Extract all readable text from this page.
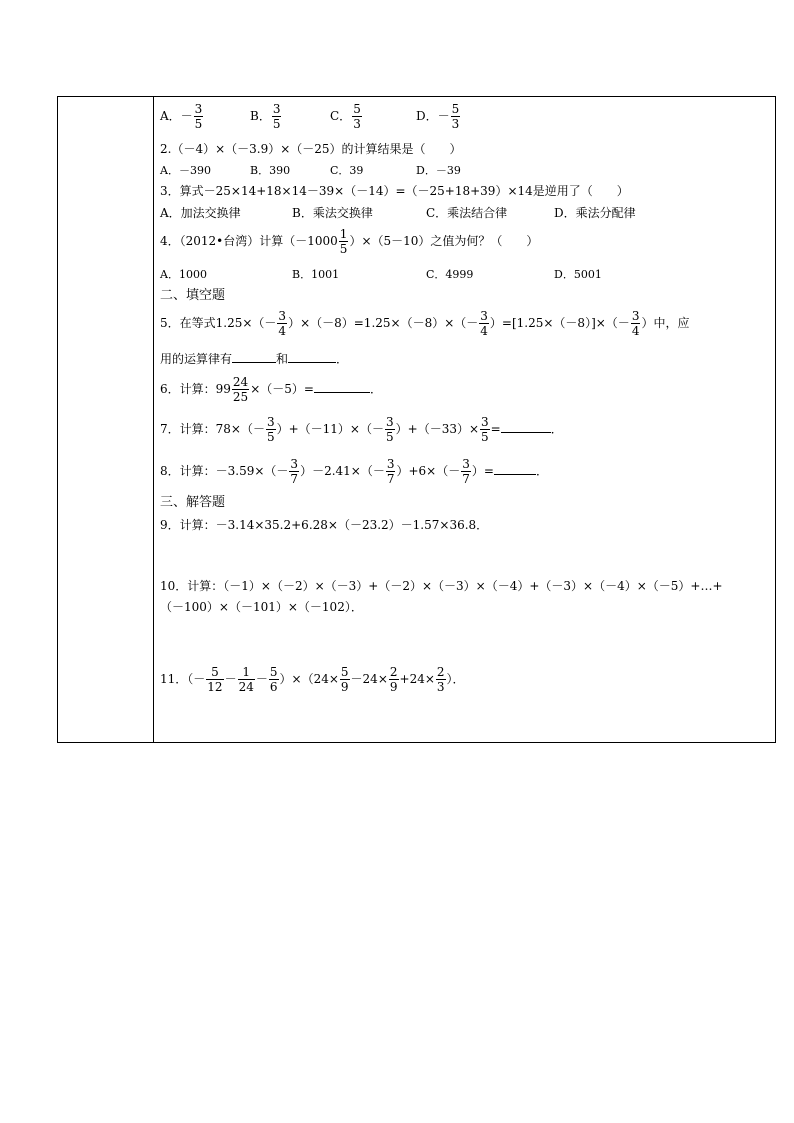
A．－ $\frac{3}{5}$	B． $\frac{3}{5}$	C． $\frac{5}{3}$	D．－ $\frac{5}{3}$
2.（－4）×（－3.9）×（－25）的计算结果是（　　）
A．－390	B．390	C．39	D．－39
3．算式－25×14+18×14－39×（－14）=（－25+18+39）×14是逆用了（　　）
A．加法交换律	B．乘法交换律	C．乘法结合律	D．乘法分配律
4．（2012•台湾）计算$(-1000 \frac{1}{5} )\times(5-10)$之值为何？（　　）
A．1000	B．1001	C．4999	D．5001
二、填空题
5．在等式$1.25\times(- \frac{3}{4} )\times(-8)=1.25\times(-8)\times(- \frac{3}{4} )=[1.25\times(-8)]\times(- \frac{3}{4}$ ）中，应
用的运算律有	和	．
6．计算：$99 \frac{24}{25} \times(-5)=$	．
7．计算：$78\times(- \frac{3}{5} )+(-11)\times(- \frac{3}{5} )+(-33)\times \frac{3}{5}$ =	．
8．计算：$-3.59\times(- \frac{3}{7} )-2.41\times(- \frac{3}{7} )+6\times(- \frac{3}{7}$ ）=	．
三、解答题
9．计算：－3.14×35.2+6.28×（－23.2）－1.57×36.8．
10．计算：（－1）×（－2）×（－3）+（－2）×（－3）×（－4）+（－3）×（－4）×（－5）+…+
（－100）×（－101）×（－102）．
11．（－ $\frac{5}{12} - \frac{1}{24} - \frac{5}{6} )\times(24\times \frac{5}{9} -24\times \frac{2}{9} +24\times \frac{2}{3}$ ）．
